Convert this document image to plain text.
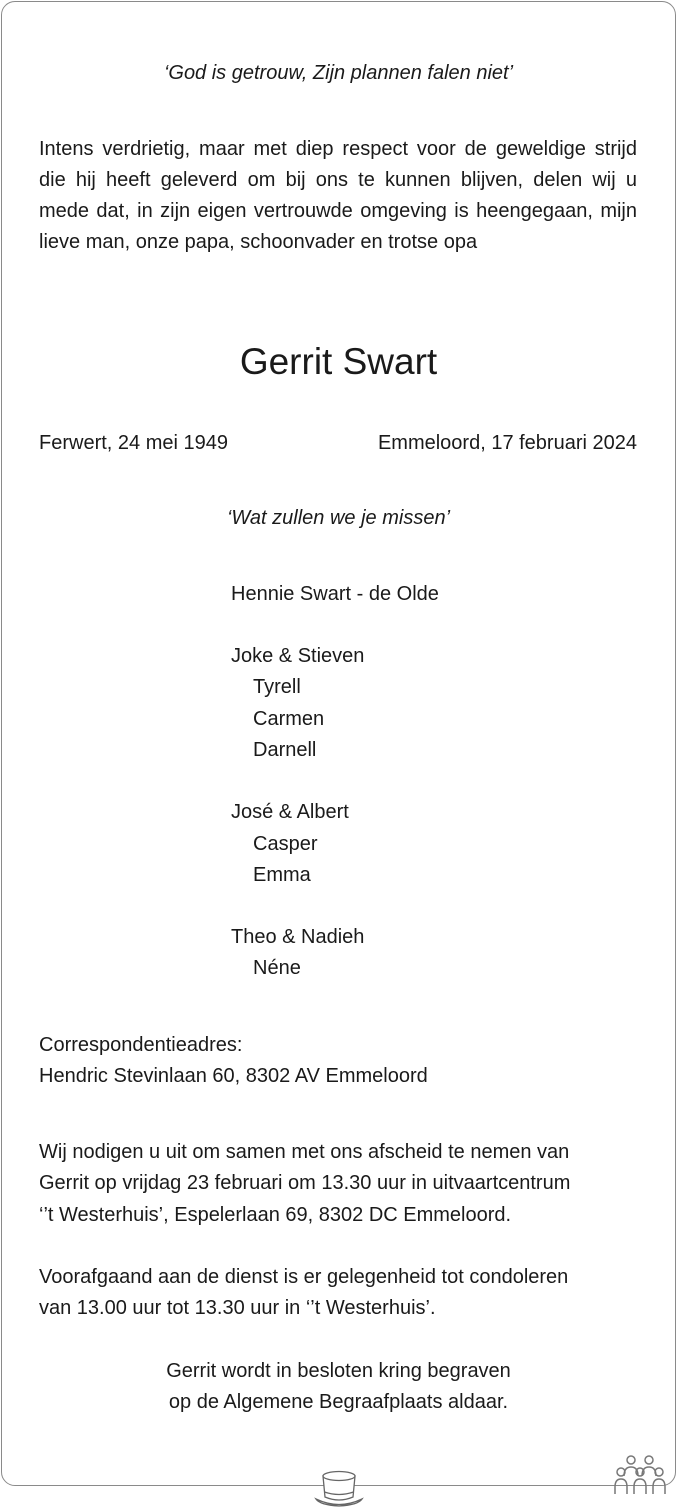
‘God is getrouw, Zijn plannen falen niet’
Intens verdrietig, maar met diep respect voor de geweldige strijd die hij heeft geleverd om bij ons te kunnen blijven, delen wij u mede dat, in zijn eigen vertrouwde omgeving is heengegaan, mijn lieve man, onze papa, schoonvader en trotse opa
Gerrit Swart
Ferwert, 24 mei 1949	Emmeloord, 17 februari 2024
‘Wat zullen we je missen’
Hennie Swart - de Olde
Joke & Stieven
Tyrell
Carmen
Darnell
José & Albert
Casper
Emma
Theo & Nadieh
Néne
Correspondentieadres:
Hendric Stevinlaan 60, 8302 AV Emmeloord
Wij nodigen u uit om samen met ons afscheid te nemen van
Gerrit op vrijdag 23 februari om 13.30 uur in uitvaartcentrum
‘’t Westerhuis’, Espelerlaan 69, 8302 DC Emmeloord.
Voorafgaand aan de dienst is er gelegenheid tot condoleren
van 13.00 uur tot 13.30 uur in ‘’t Westerhuis’.
Gerrit wordt in besloten kring begraven
op de Algemene Begraafplaats aldaar.
